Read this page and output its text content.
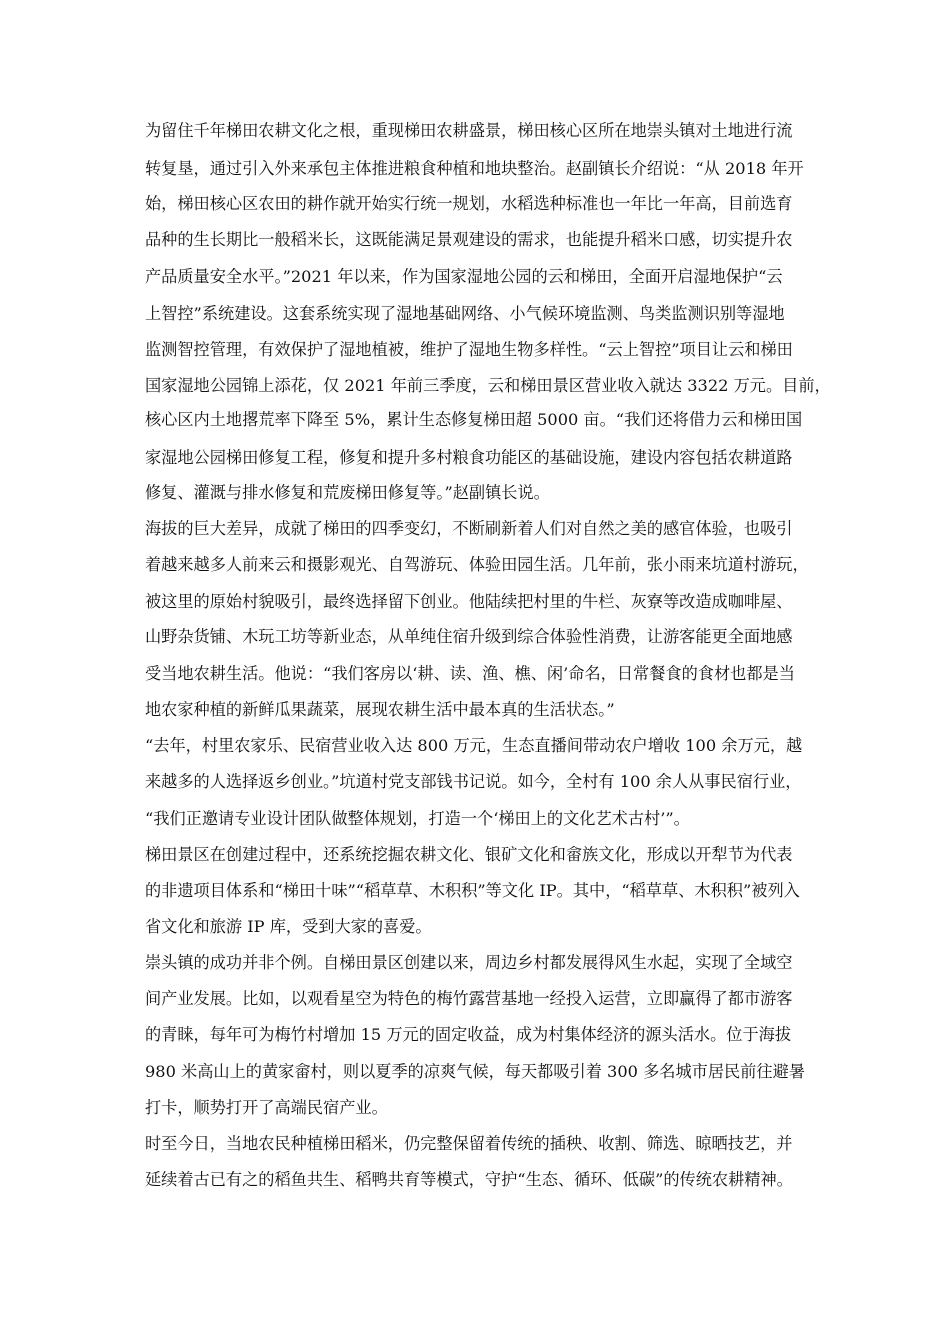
为留住千年梯田农耕文化之根，重现梯田农耕盛景，梯田核心区所在地崇头镇对土地进行流
转复垦，通过引入外来承包主体推进粮食种植和地块整治。赵副镇长介绍说：“从 2018 年开
始，梯田核心区农田的耕作就开始实行统一规划，水稻选种标准也一年比一年高，目前选育
品种的生长期比一般稻米长，这既能满足景观建设的需求，也能提升稻米口感，切实提升农
产品质量安全水平。”2021 年以来，作为国家湿地公园的云和梯田，全面开启湿地保护“云
上智控”系统建设。这套系统实现了湿地基础网络、小气候环境监测、鸟类监测识别等湿地
监测智控管理，有效保护了湿地植被，维护了湿地生物多样性。“云上智控”项目让云和梯田
国家湿地公园锦上添花，仅 2021 年前三季度，云和梯田景区营业收入就达 3322 万元。目前，
核心区内土地撂荒率下降至 5%，累计生态修复梯田超 5000 亩。“我们还将借力云和梯田国
家湿地公园梯田修复工程，修复和提升多村粮食功能区的基础设施，建设内容包括农耕道路
修复、灌溉与排水修复和荒废梯田修复等。”赵副镇长说。
海拔的巨大差异，成就了梯田的四季变幻，不断刷新着人们对自然之美的感官体验，也吸引
着越来越多人前来云和摄影观光、自驾游玩、体验田园生活。几年前，张小雨来坑道村游玩，
被这里的原始村貌吸引，最终选择留下创业。他陆续把村里的牛栏、灰寮等改造成咖啡屋、
山野杂货铺、木玩工坊等新业态，从单纯住宿升级到综合体验性消费，让游客能更全面地感
受当地农耕生活。他说：“我们客房以‘耕、读、渔、樵、闲’命名，日常餐食的食材也都是当
地农家种植的新鲜瓜果蔬菜，展现农耕生活中最本真的生活状态。”
“去年，村里农家乐、民宿营业收入达 800 万元，生态直播间带动农户增收 100 余万元，越
来越多的人选择返乡创业。”坑道村党支部钱书记说。如今，全村有 100 余人从事民宿行业，
“我们正邀请专业设计团队做整体规划，打造一个‘梯田上的文化艺术古村’”。
梯田景区在创建过程中，还系统挖掘农耕文化、银矿文化和畲族文化，形成以开犁节为代表
的非遗项目体系和“梯田十味”“稻草草、木积积”等文化 IP。其中，“稻草草、木积积”被列入
省文化和旅游 IP 库，受到大家的喜爱。
崇头镇的成功并非个例。自梯田景区创建以来，周边乡村都发展得风生水起，实现了全域空
间产业发展。比如，以观看星空为特色的梅竹露营基地一经投入运营，立即赢得了都市游客
的青睐，每年可为梅竹村增加 15 万元的固定收益，成为村集体经济的源头活水。位于海拔
980 米高山上的黄家畲村，则以夏季的凉爽气候，每天都吸引着 300 多名城市居民前往避暑
打卡，顺势打开了高端民宿产业。
时至今日，当地农民种植梯田稻米，仍完整保留着传统的插秧、收割、筛选、晾晒技艺，并
延续着古已有之的稻鱼共生、稻鸭共育等模式，守护“生态、循环、低碳”的传统农耕精神。
